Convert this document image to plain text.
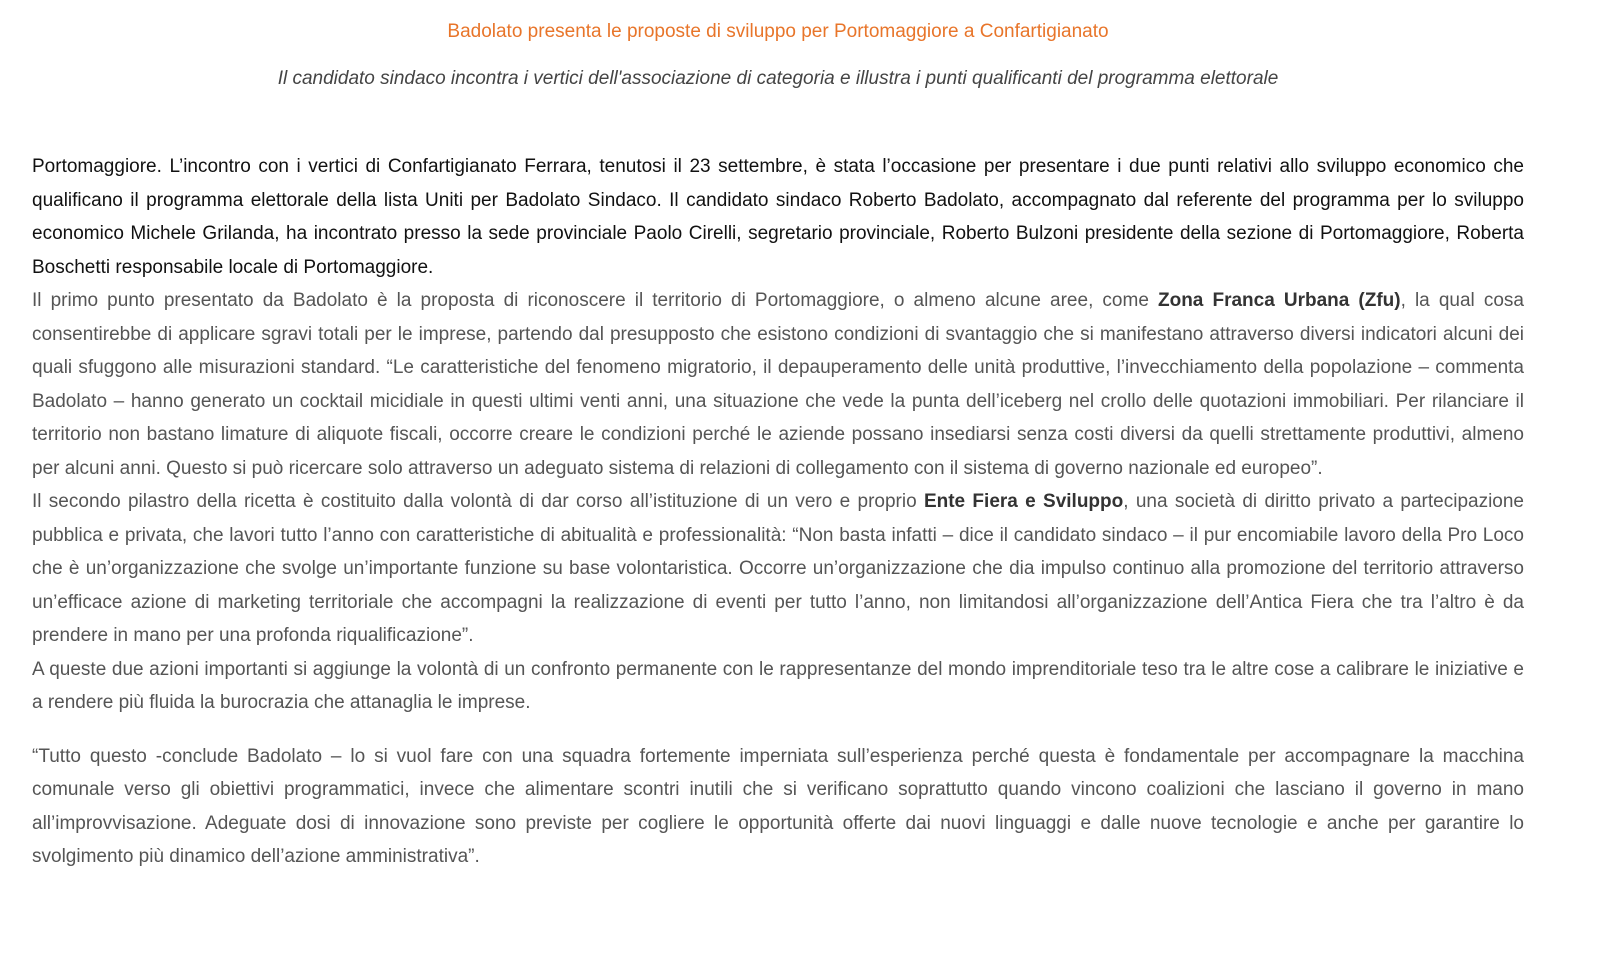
Badolato presenta le proposte di sviluppo per Portomaggiore a Confartigianato
Il candidato sindaco incontra i vertici dell'associazione di categoria e illustra i punti qualificanti del programma elettorale

Portomaggiore. L’incontro con i vertici di Confartigianato Ferrara, tenutosi il 23 settembre, è stata l’occasione per presentare i due punti relativi allo sviluppo economico che qualificano il programma elettorale della lista Uniti per Badolato Sindaco. Il candidato sindaco Roberto Badolato, accompagnato dal referente del programma per lo sviluppo economico Michele Grilanda, ha incontrato presso la sede provinciale Paolo Cirelli, segretario provinciale, Roberto Bulzoni presidente della sezione di Portomaggiore, Roberta Boschetti responsabile locale di Portomaggiore.

Il primo punto presentato da Badolato è la proposta di riconoscere il territorio di Portomaggiore, o almeno alcune aree, come Zona Franca Urbana (Zfu), la qual cosa consentirebbe di applicare sgravi totali per le imprese, partendo dal presupposto che esistono condizioni di svantaggio che si manifestano attraverso diversi indicatori alcuni dei quali sfuggono alle misurazioni standard. “Le caratteristiche del fenomeno migratorio, il depauperamento delle unità produttive, l’invecchiamento della popolazione – commenta Badolato – hanno generato un cocktail micidiale in questi ultimi venti anni, una situazione che vede la punta dell’iceberg nel crollo delle quotazioni immobiliari. Per rilanciare il territorio non bastano limature di aliquote fiscali, occorre creare le condizioni perché le aziende possano insediarsi senza costi diversi da quelli strettamente produttivi, almeno per alcuni anni. Questo si può ricercare solo attraverso un adeguato sistema di relazioni di collegamento con il sistema di governo nazionale ed europeo”.

Il secondo pilastro della ricetta è costituito dalla volontà di dar corso all’istituzione di un vero e proprio Ente Fiera e Sviluppo, una società di diritto privato a partecipazione pubblica e privata, che lavori tutto l’anno con caratteristiche di abitualità e professionalità: “Non basta infatti – dice il candidato sindaco – il pur encomiabile lavoro della Pro Loco che è un’organizzazione che svolge un’importante funzione su base volontaristica. Occorre un’organizzazione che dia impulso continuo alla promozione del territorio attraverso un’efficace azione di marketing territoriale che accompagni la realizzazione di eventi per tutto l’anno, non limitandosi all’organizzazione dell’Antica Fiera che tra l’altro è da prendere in mano per una profonda riqualificazione”.

A queste due azioni importanti si aggiunge la volontà di un confronto permanente con le rappresentanze del mondo imprenditoriale teso tra le altre cose a calibrare le iniziative e a rendere più fluida la burocrazia che attanaglia le imprese.

“Tutto questo -conclude Badolato – lo si vuol fare con una squadra fortemente imperniata sull’esperienza perché questa è fondamentale per accompagnare la macchina comunale verso gli obiettivi programmatici, invece che alimentare scontri inutili che si verificano soprattutto quando vincono coalizioni che lasciano il governo in mano all’improvvisazione. Adeguate dosi di innovazione sono previste per cogliere le opportunità offerte dai nuovi linguaggi e dalle nuove tecnologie e anche per garantire lo svolgimento più dinamico dell’azione amministrativa”.
